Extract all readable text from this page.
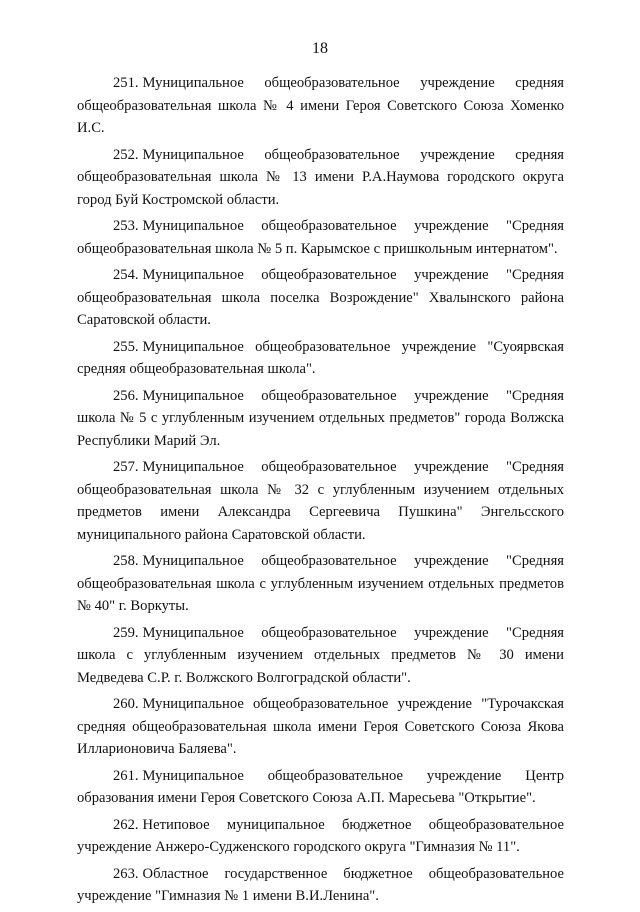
18

251. Муниципальное общеобразовательное учреждение средняя общеобразовательная школа № 4 имени Героя Советского Союза Хоменко И.С.

252. Муниципальное общеобразовательное учреждение средняя общеобразовательная школа № 13 имени Р.А.Наумова городского округа город Буй Костромской области.

253. Муниципальное общеобразовательное учреждение "Средняя общеобразовательная школа № 5 п. Карымское с пришкольным интернатом".

254. Муниципальное общеобразовательное учреждение "Средняя общеобразовательная школа поселка Возрождение" Хвалынского района Саратовской области.

255. Муниципальное общеобразовательное учреждение "Суоярвская средняя общеобразовательная школа".

256. Муниципальное общеобразовательное учреждение "Средняя школа № 5 с углубленным изучением отдельных предметов" города Волжска Республики Марий Эл.

257. Муниципальное общеобразовательное учреждение "Средняя общеобразовательная школа № 32 с углубленным изучением отдельных предметов имени Александра Сергеевича Пушкина" Энгельсского муниципального района Саратовской области.

258. Муниципальное общеобразовательное учреждение "Средняя общеобразовательная школа с углубленным изучением отдельных предметов № 40" г. Воркуты.

259. Муниципальное общеобразовательное учреждение "Средняя школа с углубленным изучением отдельных предметов № 30 имени Медведева С.Р. г. Волжского Волгоградской области".

260. Муниципальное общеобразовательное учреждение "Турочакская средняя общеобразовательная школа имени Героя Советского Союза Якова Илларионовича Баляева".

261. Муниципальное общеобразовательное учреждение Центр образования имени Героя Советского Союза А.П. Маресьева "Открытие".

262. Нетиповое муниципальное бюджетное общеобразовательное учреждение Анжеро-Судженского городского округа "Гимназия № 11".

263. Областное государственное бюджетное общеобразовательное учреждение "Гимназия № 1 имени В.И.Ленина".
